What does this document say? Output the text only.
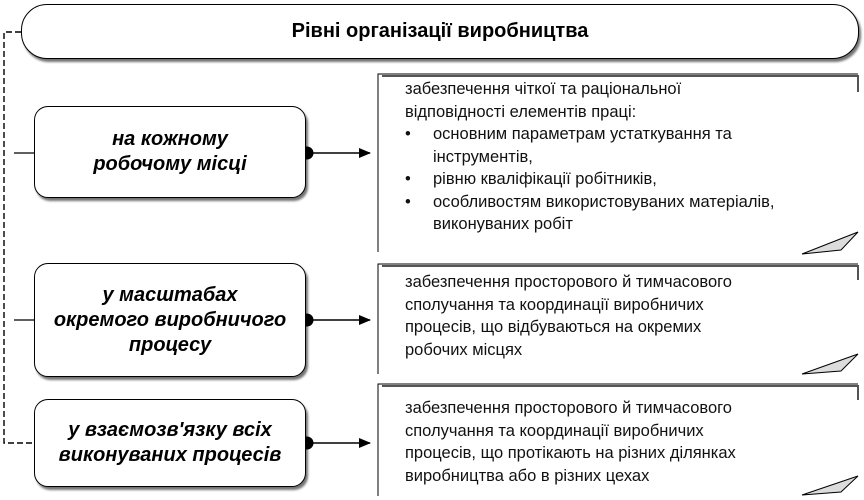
Рівні організації виробництва
на кожному
робочому місці
у масштабах
окремого виробничого
процесу
у взаємозв'язку всіх
виконуваних процесів
забезпечення чіткої та раціональної
відповідності елементів праці:
• основним параметрам устаткування та
інструментів,
• рівню кваліфікації робітників,
• особливостям використовуваних матеріалів,
виконуваних робіт
забезпечення просторового й тимчасового
сполучання та координації виробничих
процесів, що відбуваються на окремих
робочих місцях
забезпечення просторового й тимчасового
сполучання та координації виробничих
процесів, що протікають на різних ділянках
виробництва або в різних цехах
